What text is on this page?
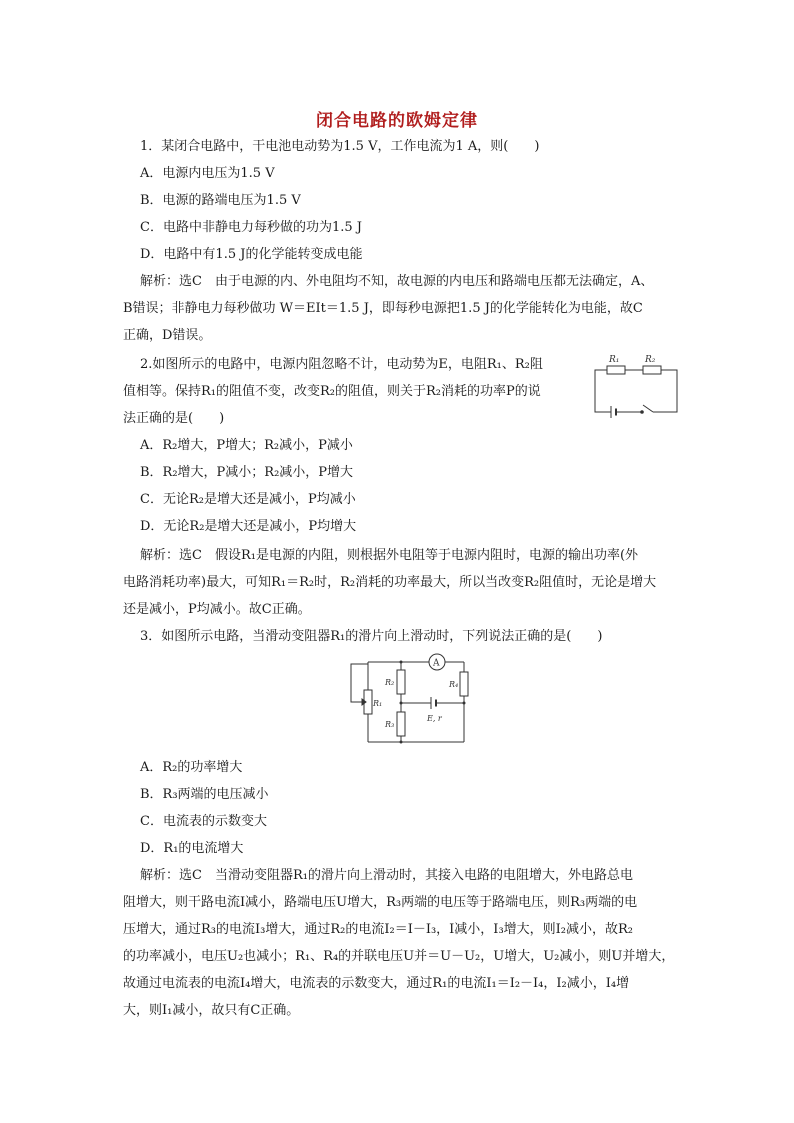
闭合电路的欧姆定律
1．某闭合电路中，干电池电动势为1.5 V，工作电流为1 A，则(　　)
A．电源内电压为1.5 V
B．电源的路端电压为1.5 V
C．电路中非静电力每秒做的功为1.5 J
D．电路中有1.5 J的化学能转变成电能
解析：选C　由于电源的内、外电阻均不知，故电源的内电压和路端电压都无法确定，A、
B错误；非静电力每秒做功 W＝EIt＝1.5 J，即每秒电源把1.5 J的化学能转化为电能，故C
正确，D错误。
2.如图所示的电路中，电源内阻忽略不计，电动势为E，电阻R₁、R₂阻
值相等。保持R₁的阻值不变，改变R₂的阻值，则关于R₂消耗的功率P的说
法正确的是(　　)
R₁	R₂
A．R₂增大，P增大；R₂减小，P减小
B．R₂增大，P减小；R₂减小，P增大
C．无论R₂是增大还是减小，P均减小
D．无论R₂是增大还是减小，P均增大
解析：选C　假设R₁是电源的内阻，则根据外电阻等于电源内阻时，电源的输出功率(外
电路消耗功率)最大，可知R₁＝R₂时，R₂消耗的功率最大，所以当改变R₂阻值时，无论是增大
还是减小，P均减小。故C正确。
3．如图所示电路，当滑动变阻器R₁的滑片向上滑动时，下列说法正确的是(　　)
A
R₁
R₂
R₃
R₄
E, r
A．R₂的功率增大
B．R₃两端的电压减小
C．电流表的示数变大
D．R₁的电流增大
解析：选C　当滑动变阻器R₁的滑片向上滑动时，其接入电路的电阻增大，外电路总电
阻增大，则干路电流I减小，路端电压U增大，R₃两端的电压等于路端电压，则R₃两端的电
压增大，通过R₃的电流I₃增大，通过R₂的电流I₂＝I－I₃，I减小，I₃增大，则I₂减小，故R₂
的功率减小，电压U₂也减小；R₁、R₄的并联电压U并＝U－U₂，U增大，U₂减小，则U并增大，
故通过电流表的电流I₄增大，电流表的示数变大，通过R₁的电流I₁＝I₂－I₄，I₂减小，I₄增
大，则I₁减小，故只有C正确。
